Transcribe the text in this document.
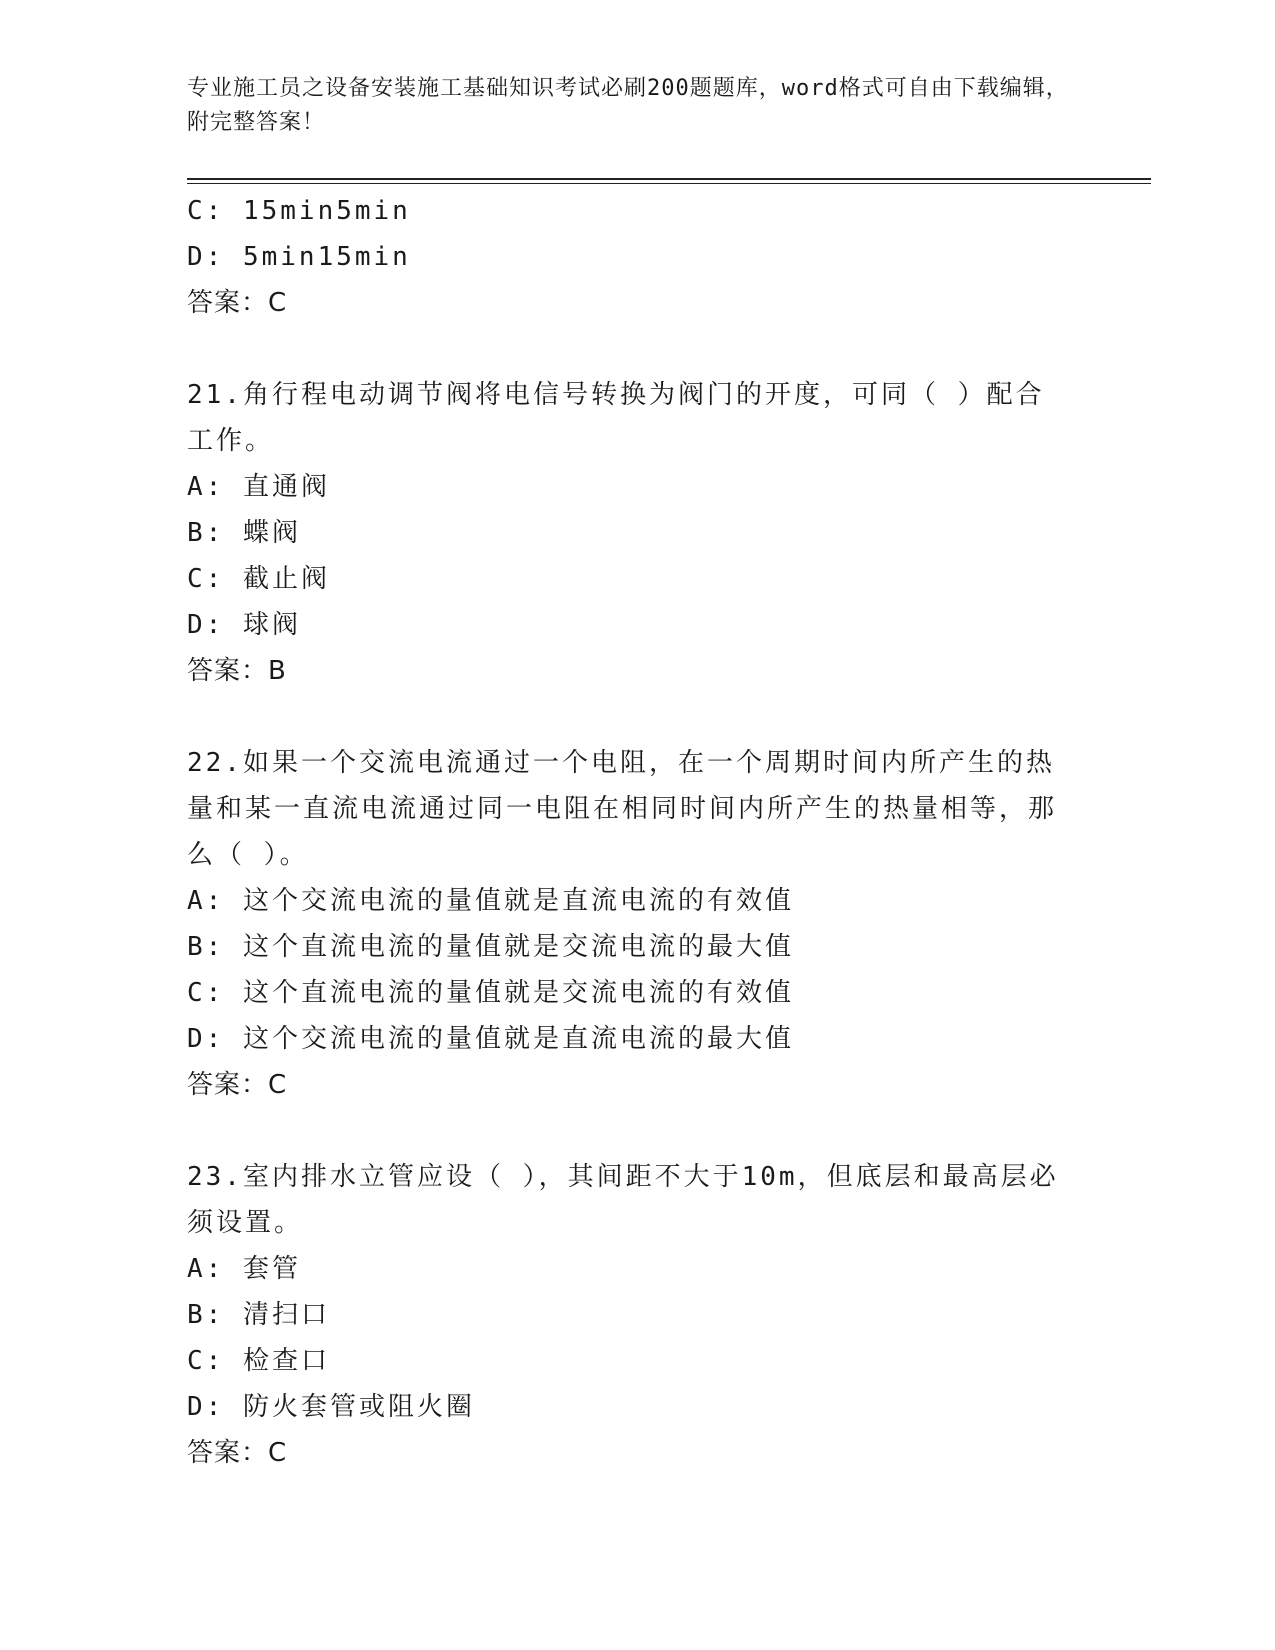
专业施工员之设备安装施工基础知识考试必刷200题题库，word格式可自由下载编辑，附完整答案！
C: 15min5min
D: 5min15min
答案：C
21.角行程电动调节阀将电信号转换为阀门的开度，可同（ ）配合工作。
A: 直通阀
B: 蝶阀
C: 截止阀
D: 球阀
答案：B
22.如果一个交流电流通过一个电阻，在一个周期时间内所产生的热量和某一直流电流通过同一电阻在相同时间内所产生的热量相等，那么（ ）。
A: 这个交流电流的量值就是直流电流的有效值
B: 这个直流电流的量值就是交流电流的最大值
C: 这个直流电流的量值就是交流电流的有效值
D: 这个交流电流的量值就是直流电流的最大值
答案：C
23.室内排水立管应设（ ），其间距不大于10m，但底层和最高层必须设置。
A: 套管
B: 清扫口
C: 检查口
D: 防火套管或阻火圈
答案：C
